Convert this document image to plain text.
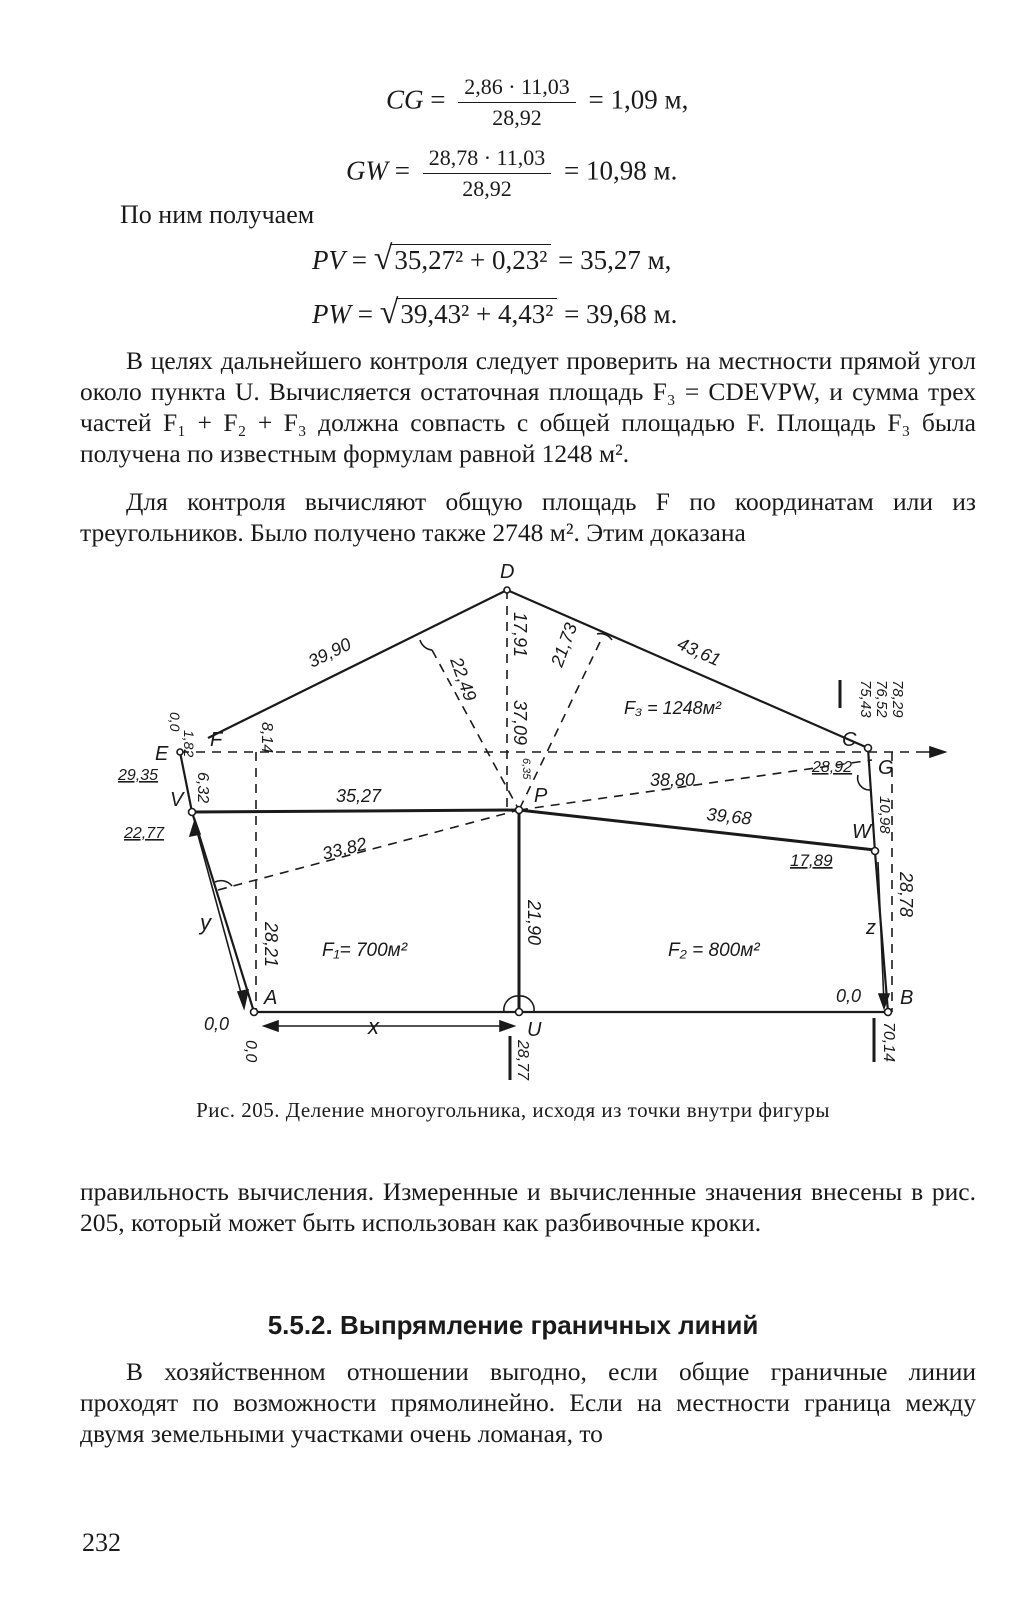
CG = $\frac{2,86 \cdot 11,03}{28,92} = 1,09$ м,
GW = $\frac{28,78 \cdot 11,03}{28,92} = 10,98$ м.
По ним получаем
PV = √35,27² + 0,23² = 35,27 м,
PW = √39,43² + 4,43² = 39,68 м.
В целях дальнейшего контроля следует проверить на местности прямой угол около пункта U. Вычисляется остаточная площадь F₃ = CDEVPW, и сумма трех частей F₁ + F₂ + F₃ должна совпасть с общей площадью F. Площадь F₃ была получена по известным формулам равной 1248 м².
Для контроля вычисляют общую площадь F по координатам или из треугольников. Было получено также 2748 м². Этим доказана
D
E
F	C
G
V	P
W
A
U
B
39,90	43,61
17,91
22,49
21,73
37,09
6,35
F₃ = 1248м²	78,29
76,52
75,43
0,0
1,82	8,14
29,35 6,32
22,77
35,27
38,80
28,92
39,68	10,98
33,82	17,89
28,78
y	28,21 F₁= 700м²
21,90
F₂ = 800м²
z
0,0
0,0
x
0,0	28,77	70,14
Рис. 205. Деление многоугольника, исходя из точки внутри фигуры
правильность вычисления. Измеренные и вычисленные значения внесены в рис. 205, который может быть использован как разбивочные кроки.
5.5.2. Выпрямление граничных линий
В хозяйственном отношении выгодно, если общие граничные линии проходят по возможности прямолинейно. Если на местности граница между двумя земельными участками очень ломаная, то
232
